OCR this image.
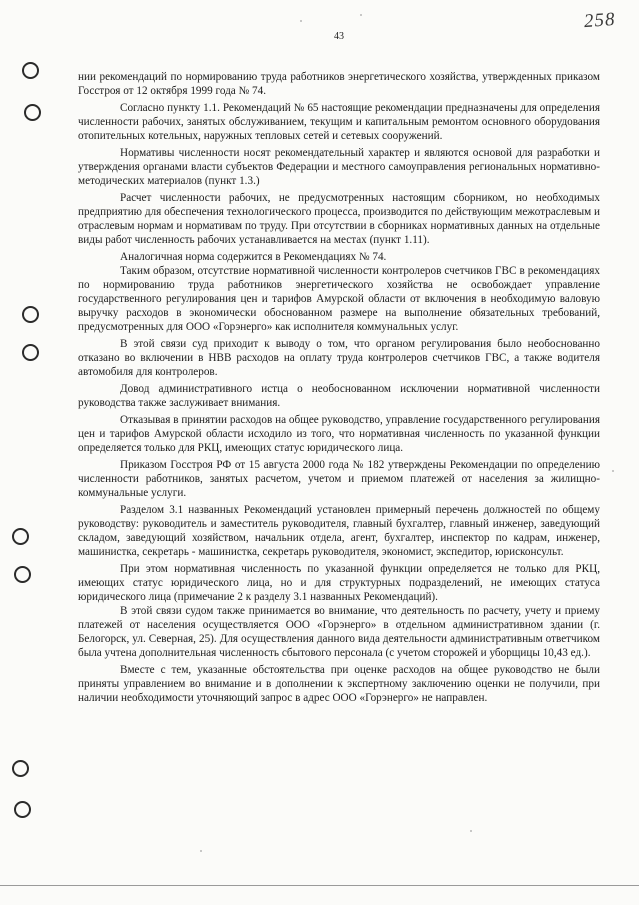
43
258

нии рекомендаций по нормированию труда работников энергетического хозяйства, утвержденных приказом Госстроя от 12 октября 1999 года № 74.

Согласно пункту 1.1. Рекомендаций № 65 настоящие рекомендации предназначены для определения численности рабочих, занятых обслуживанием, текущим и капитальным ремонтом основного оборудования отопительных котельных, наружных тепловых сетей и сетевых сооружений.

Нормативы численности носят рекомендательный характер и являются основой для разработки и утверждения органами власти субъектов Федерации и местного самоуправления региональных нормативно-методических материалов (пункт 1.3.)

Расчет численности рабочих, не предусмотренных настоящим сборником, но необходимых предприятию для обеспечения технологического процесса, производится по действующим межотраслевым и отраслевым нормам и нормативам по труду. При отсутствии в сборниках нормативных данных на отдельные виды работ численность рабочих устанавливается на местах (пункт 1.11).

Аналогичная норма содержится в Рекомендациях № 74.

Таким образом, отсутствие нормативной численности контролеров счетчиков ГВС в рекомендациях по нормированию труда работников энергетического хозяйства не освобождает управление государственного регулирования цен и тарифов Амурской области от включения в необходимую валовую выручку расходов в экономически обоснованном размере на выполнение обязательных требований, предусмотренных для ООО «Горэнерго» как исполнителя коммунальных услуг.

В этой связи суд приходит к выводу о том, что органом регулирования было необоснованно отказано во включении в НВВ расходов на оплату труда контролеров счетчиков ГВС, а также водителя автомобиля для контролеров.

Довод административного истца о необоснованном исключении нормативной численности руководства также заслуживает внимания.

Отказывая в принятии расходов на общее руководство, управление государственного регулирования цен и тарифов Амурской области исходило из того, что нормативная численность по указанной функции определяется только для РКЦ, имеющих статус юридического лица.

Приказом Госстроя РФ от 15 августа 2000 года № 182 утверждены Рекомендации по определению численности работников, занятых расчетом, учетом и приемом платежей от населения за жилищно-коммунальные услуги.

Разделом 3.1 названных Рекомендаций установлен примерный перечень должностей по общему руководству: руководитель и заместитель руководителя, главный бухгалтер, главный инженер, заведующий складом, заведующий хозяйством, начальник отдела, агент, бухгалтер, инспектор по кадрам, инженер, машинистка, секретарь - машинистка, секретарь руководителя, экономист, экспедитор, юрисконсульт.

При этом нормативная численность по указанной функции определяется не только для РКЦ, имеющих статус юридического лица, но и для структурных подразделений, не имеющих статуса юридического лица (примечание 2 к разделу 3.1 названных Рекомендаций).

В этой связи судом также принимается во внимание, что деятельность по расчету, учету и приему платежей от населения осуществляется ООО «Горэнерго» в отдельном административном здании (г. Белогорск, ул. Северная, 25). Для осуществления данного вида деятельности административным ответчиком была учтена дополнительная численность сбытового персонала (с учетом сторожей и уборщицы 10,43 ед.).

Вместе с тем, указанные обстоятельства при оценке расходов на общее руководство не были приняты управлением во внимание и в дополнении к экспертному заключению оценки не получили, при наличии необходимости уточняющий запрос в адрес ООО «Горэнерго» не направлен.
